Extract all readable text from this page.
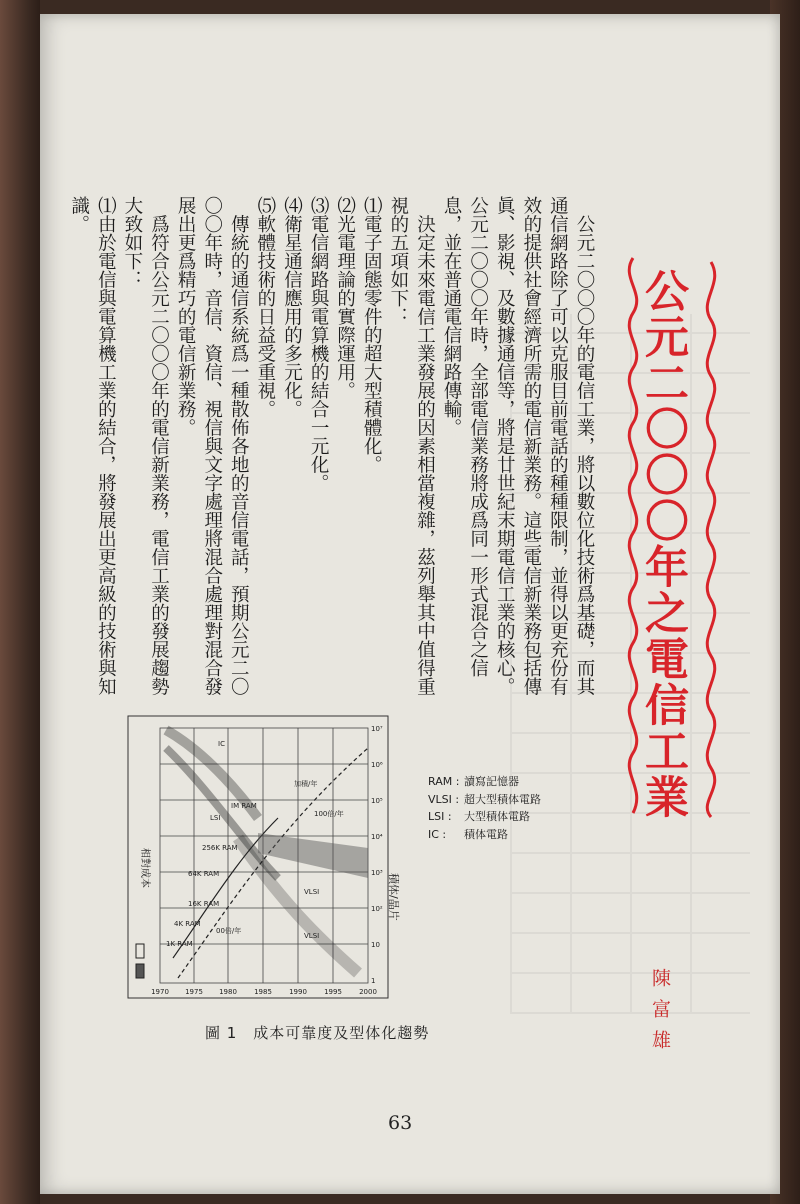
公元二〇〇〇年之電信工業
陳富雄

　公元二〇〇〇年的電信工業，將以數位化技術爲基礎，而其通信網路除了可以克服目前電話的種種限制，並得以更充份有效的提供社會經濟所需的電信新業務。這些電信新業務包括傳眞、影視、及數據通信等，將是廿世紀末期電信工業的核心。公元二〇〇〇年時，全部電信業務將成爲同一形式混合之信息，並在普通電信網路傳輸。

　決定未來電信工業發展的因素相當複雜，茲列舉其中值得重視的五項如下：

⑴電子固態零件的超大型積體化。

⑵光電理論的實際運用。

⑶電信網路與電算機的結合一元化。

⑷衛星通信應用的多元化。

⑸軟體技術的日益受重視。

　傳統的通信系統爲一種散佈各地的音信電話，預期公元二〇〇〇年時，音信、資信、視信與文字處理將混合處理對混合發展出更爲精巧的電信新業務。

　爲符合公元二〇〇〇年的電信新業務，電信工業的發展趨勢大致如下：

⑴由於電信與電算機工業的結合，將發展出更高級的技術與知識。

IC
LSI
IM RAM
256K RAM
64K RAM
16K RAM
4K RAM
1K RAM
VLSI
VLSI
加積/年
100倍/年
00倍/年
1970 1975 1980 1985 1990 1995 2000
10⁷
10⁶
10⁵
10⁴
10³
10²
10
1
積体/晶片
相對成本
RAM : 讀寫記憶器
VLSI : 超大型積体電路
LSI : 大型積体電路
IC : 積体電路
圖 1　成本可靠度及型体化趨勢
63
